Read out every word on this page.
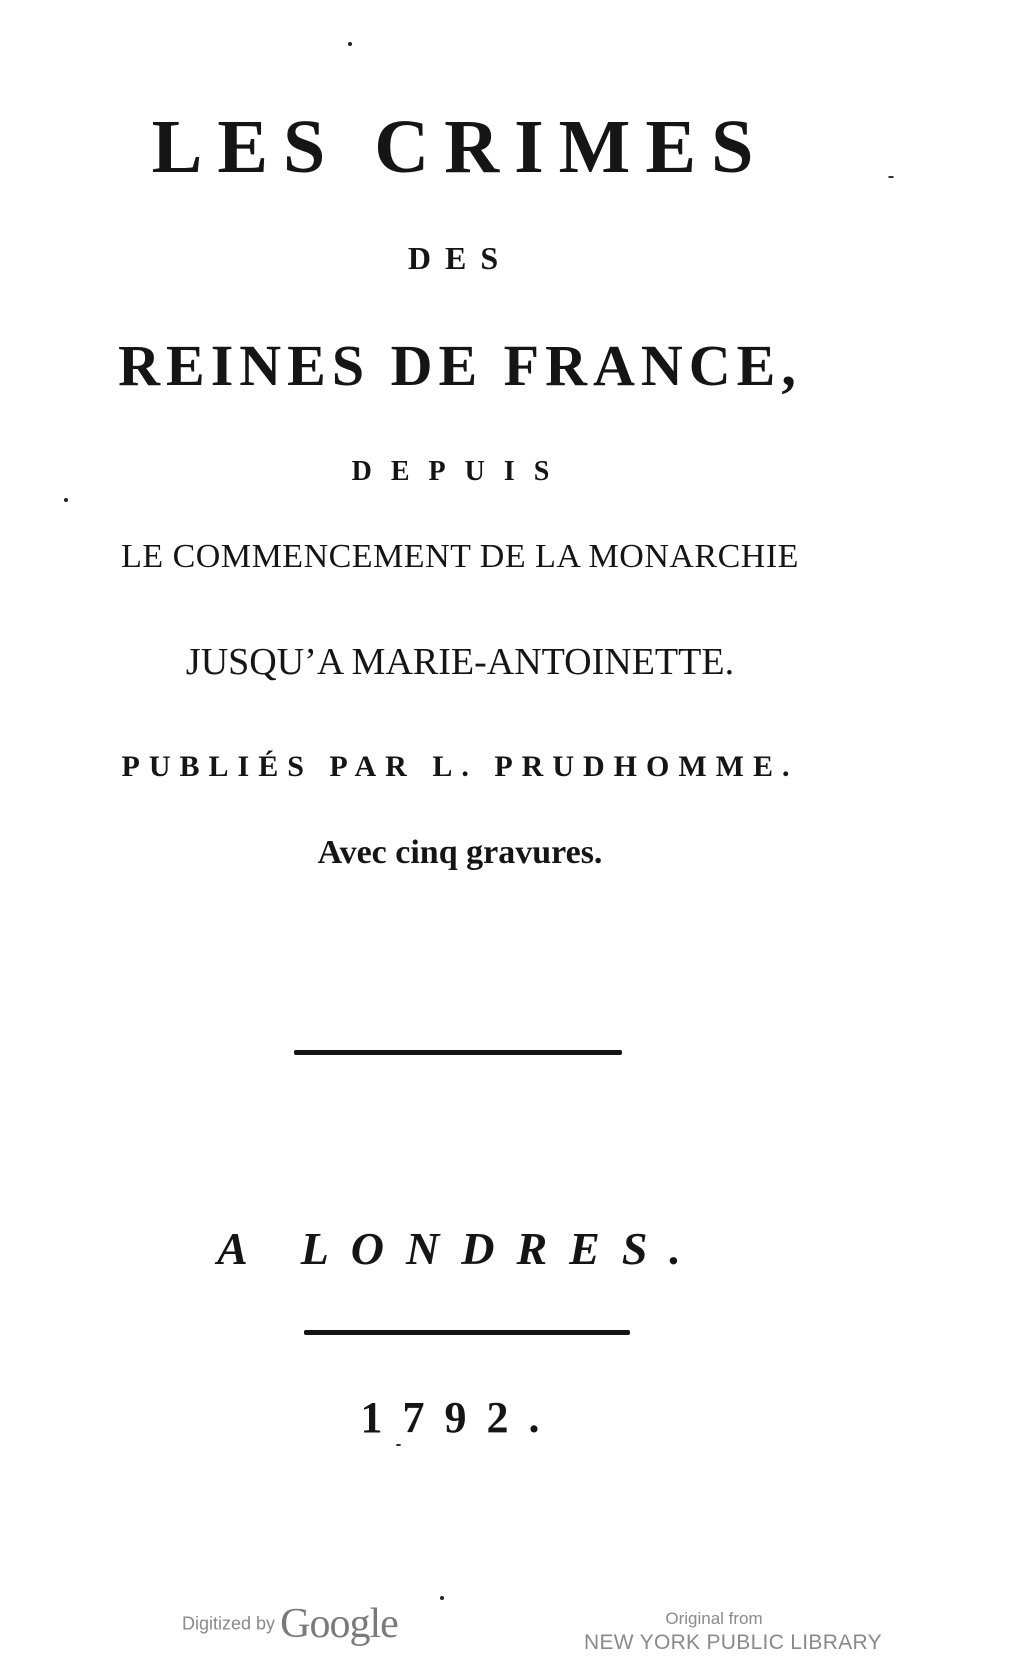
LES CRIMES
DES
REINES DE FRANCE,
DEPUIS
LE COMMENCEMENT DE LA MONARCHIE
JUSQU’A MARIE-ANTOINETTE.
PUBLIÉS PAR L. PRUDHOMME.
Avec cinq gravures.
A LONDRES.
1792.
Digitized by Google	Original from
NEW YORK PUBLIC LIBRARY
